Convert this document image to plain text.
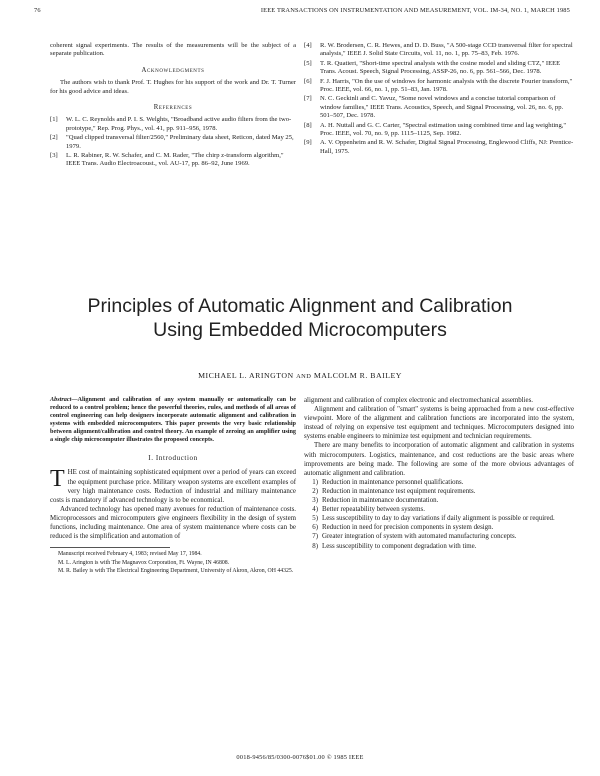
76	IEEE TRANSACTIONS ON INSTRUMENTATION AND MEASUREMENT, VOL. IM-34, NO. 1, MARCH 1985

coherent signal experiments. The results of the measurements will be the subject of a separate publication.

Acknowledgments

The authors wish to thank Prof. T. Hughes for his support of the work and Dr. T. Turner for his good advice and ideas.

References
[1]	W. L. C. Reynolds and P. I. S. Welghts, "Broadband active audio filters from the two-prototype," Rep. Prog. Phys., vol. 41, pp. 911–956, 1978.
[2]	"Quad clipped transversal filter/2560," Preliminary data sheet, Reticon, dated May 25, 1979.
[3]	L. R. Rabiner, R. W. Schafer, and C. M. Rader, "The chirp z-transform algorithm," IEEE Trans. Audio Electroacoust., vol. AU-17, pp. 86–92, June 1969.
[4]	R. W. Brodersen, C. R. Hewes, and D. D. Buss, "A 500-stage CCD transversal filter for spectral analysis," IEEE J. Solid State Circuits, vol. 11, no. 1, pp. 75–83, Feb. 1976.
[5]	T. R. Quatieri, "Short-time spectral analysis with the cosine model and sliding CTZ," IEEE Trans. Acoust. Speech, Signal Processing, ASSP-26, no. 6, pp. 561–566, Dec. 1978.
[6]	F. J. Harris, "On the use of windows for harmonic analysis with the discrete Fourier transform," Proc. IEEE, vol. 66, no. 1, pp. 51–83, Jan. 1978.
[7]	N. C. Geckinli and C. Yavuz, "Some novel windows and a concise tutorial comparison of window families," IEEE Trans. Acoustics, Speech, and Signal Processing, vol. 26, no. 6, pp. 501–507, Dec. 1978.
[8]	A. H. Nuttall and G. C. Carter, "Spectral estimation using combined time and lag weighting," Proc. IEEE, vol. 70, no. 9, pp. 1115–1125, Sep. 1982.
[9]	A. V. Oppenheim and R. W. Schafer, Digital Signal Processing, Englewood Cliffs, NJ: Prentice-Hall, 1975.
Principles of Automatic Alignment and Calibration
Using Embedded Microcomputers
MICHAEL L. ARINGTON AND MALCOLM R. BAILEY

Abstract—Alignment and calibration of any system manually or automatically can be reduced to a control problem; hence the powerful theories, rules, and methods of all areas of control engineering can help designers incorporate automatic alignment and calibration in systems with embedded microcomputers. This paper presents the very basic relationship between alignment/calibration and control theory. An example of zeroing an amplifier using a single chip microcomputer illustrates the proposed concepts.

I. Introduction

THE cost of maintaining sophisticated equipment over a period of years can exceed the equipment purchase price. Military weapon systems are excellent examples of very high maintenance costs. Reduction of industrial and military maintenance costs is mandatory if advanced technology is to be economical.

Advanced technology has opened many avenues for reduction of maintenance costs. Microprocessors and microcomputers give engineers flexibility in the design of system functions, including maintenance. One area of system maintenance where costs can be reduced is the simplification and automation of

Manuscript received February 4, 1983; revised May 17, 1984.

M. L. Arington is with The Magnavox Corporation, Ft. Wayne, IN 46808.

M. R. Bailey is with The Electrical Engineering Department, University of Akron, Akron, OH 44325.

alignment and calibration of complex electronic and electromechanical assemblies.

Alignment and calibration of "smart" systems is being approached from a new cost-effective viewpoint. More of the alignment and calibration functions are incorporated into the system, instead of relying on expensive test equipment and techniques. Microcomputers designed into systems enable engineers to minimize test equipment and technician requirements.

There are many benefits to incorporation of automatic alignment and calibration in systems with microcomputers. Logistics, maintenance, and cost reductions are the basic areas where improvements are being made. The following are some of the more obvious advantages of automatic alignment and calibration.

1) Reduction in maintenance personnel qualifications.
2) Reduction in maintenance test equipment requirements.
3) Reduction in maintenance documentation.
4) Better repeatability between systems.
5) Less susceptibility to day to day variations if daily alignment is possible or required.
6) Reduction in need for precision components in system design.
7) Greater integration of system with automated manufacturing concepts.
8) Less susceptibility to component degradation with time.
0018-9456/85/0300-0076$01.00 © 1985 IEEE
